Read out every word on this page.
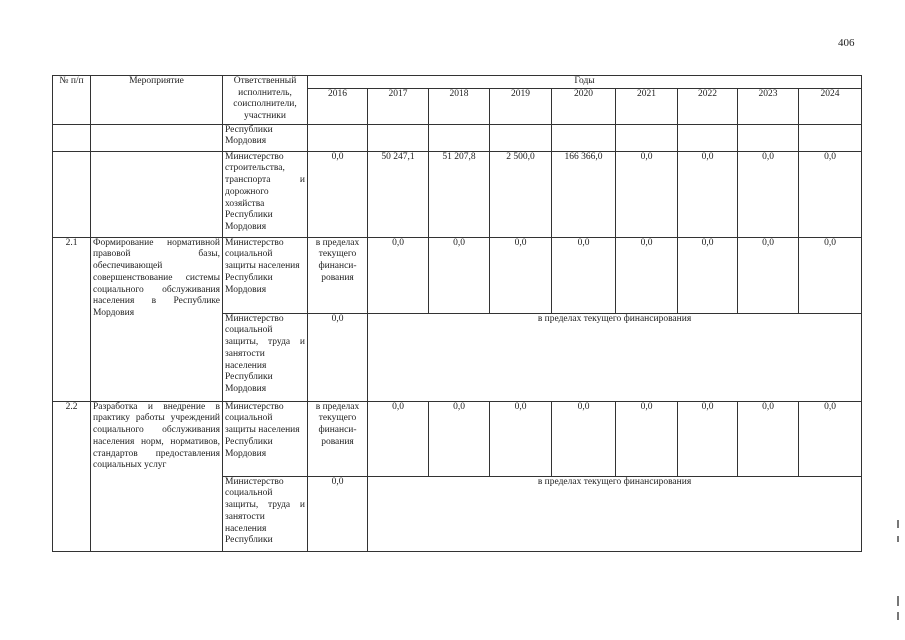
406
№ п/п	Мероприятие	Ответственный исполнитель, соисполнители, участники	Годы								
			2016	2017	2018	2019	2020	2021	2022	2023	2024
		Республики Мордовия									
		Министерство строительства, транспорта и дорожного хозяйства Республики Мордовия	0,0	50 247,1	51 207,8	2 500,0	166 366,0	0,0	0,0	0,0	0,0
2.1	Формирование нормативной правовой базы, обеспечивающей совершенствование системы социального обслуживания населения в Республике Мордовия	Министерство социальной защиты населения Республики Мордовия	в пределах текущего финанси-рования	0,0	0,0	0,0	0,0	0,0	0,0	0,0	0,0
		Министерство социальной защиты, труда и занятости населения Республики Мордовия	0,0	в пределах текущего финансирования							
2.2	Разработка и внедрение в практику работы учреждений социального обслуживания населения норм, нормативов, стандартов предоставления социальных услуг	Министерство социальной защиты населения Республики Мордовия	в пределах текущего финанси-рования	0,0	0,0	0,0	0,0	0,0	0,0	0,0	0,0
		Министерство социальной защиты, труда и занятости населения Республики	0,0	в пределах текущего финансирования							
